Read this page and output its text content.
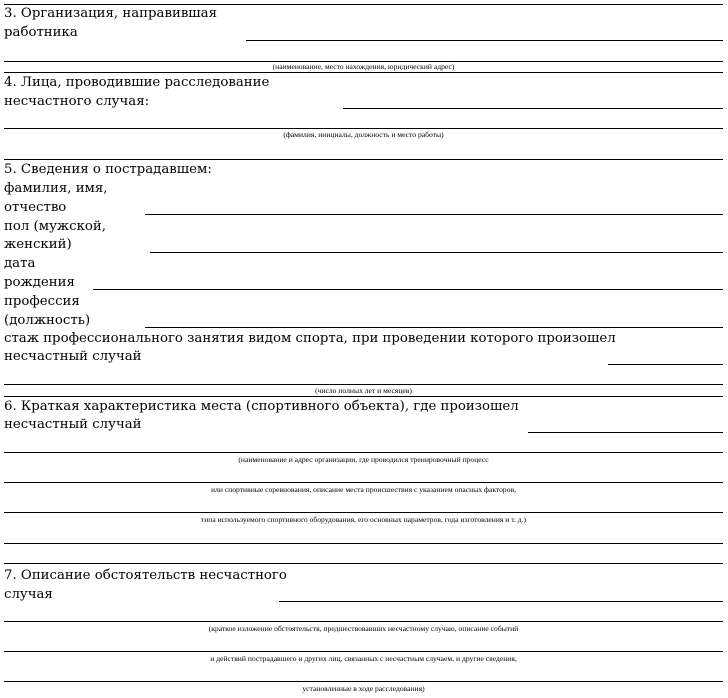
3. Организация, направившая
работника
(наименование, место нахождения, юридический адрес)
4. Лица, проводившие расследование
несчастного случая:
(фамилия, инициалы, должность и место работы)
5. Сведения о пострадавшем:
фамилия, имя,
отчество
пол (мужской,
женский)
дата
рождения
профессия
(должность)
стаж профессионального занятия видом спорта, при проведении которого произошел
несчастный случай
(число полных лет и месяцев)
6. Краткая характеристика места (спортивного объекта), где произошел
несчастный случай
(наименование и адрес организации, где проводился тренировочный процесс
или спортивные соревнования, описание места происшествия с указанием опасных факторов,
типа используемого спортивного оборудования, его основных параметров, года изготовления и т. д.)
7. Описание обстоятельств несчастного
случая
(краткое изложение обстоятельств, предшествовавших несчастному случаю, описание событий
и действий пострадавшего и других лиц, связанных с несчастным случаем, и другие сведения,
установленные в ходе расследования)
